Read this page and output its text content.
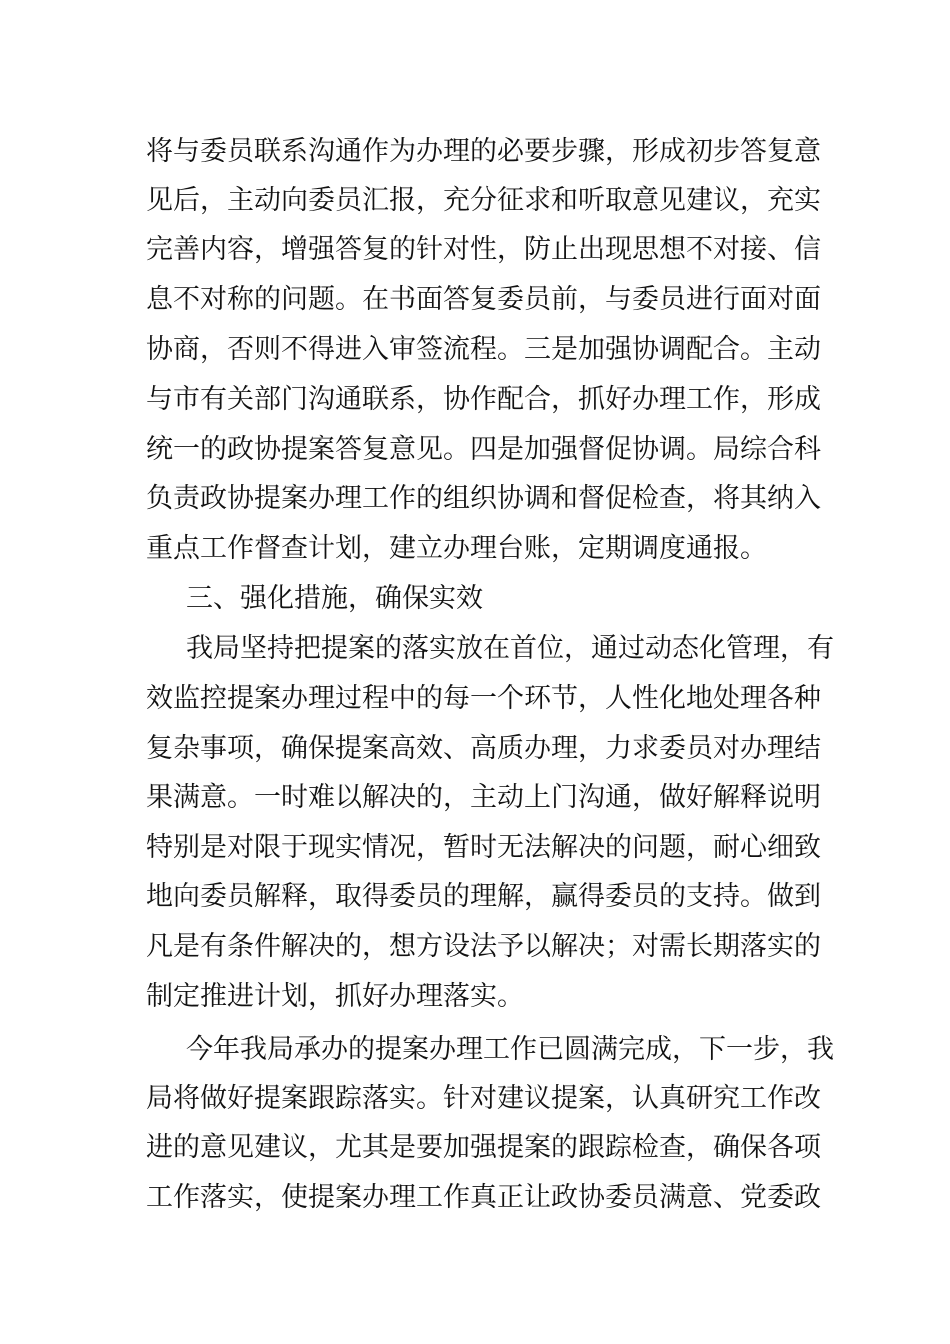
将与委员联系沟通作为办理的必要步骤，形成初步答复意
见后，主动向委员汇报，充分征求和听取意见建议，充实
完善内容，增强答复的针对性，防止出现思想不对接、信
息不对称的问题。在书面答复委员前，与委员进行面对面
协商，否则不得进入审签流程。三是加强协调配合。主动
与市有关部门沟通联系，协作配合，抓好办理工作，形成
统一的政协提案答复意见。四是加强督促协调。局综合科
负责政协提案办理工作的组织协调和督促检查，将其纳入
重点工作督查计划，建立办理台账，定期调度通报。
三、强化措施，确保实效
我局坚持把提案的落实放在首位，通过动态化管理，有
效监控提案办理过程中的每一个环节，人性化地处理各种
复杂事项，确保提案高效、高质办理，力求委员对办理结
果满意。一时难以解决的，主动上门沟通，做好解释说明
特别是对限于现实情况，暂时无法解决的问题，耐心细致
地向委员解释，取得委员的理解，赢得委员的支持。做到
凡是有条件解决的，想方设法予以解决；对需长期落实的
制定推进计划，抓好办理落实。
今年我局承办的提案办理工作已圆满完成，下一步，我
局将做好提案跟踪落实。针对建议提案，认真研究工作改
进的意见建议，尤其是要加强提案的跟踪检查，确保各项
工作落实，使提案办理工作真正让政协委员满意、党委政
